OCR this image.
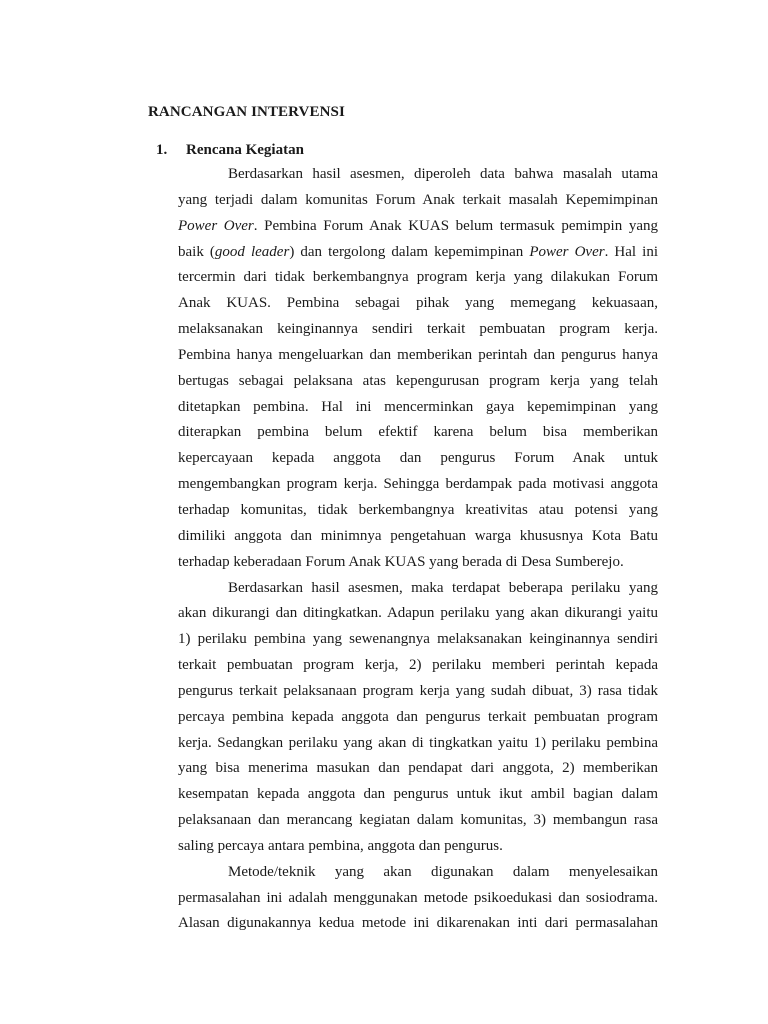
RANCANGAN INTERVENSI
1. Rencana Kegiatan
Berdasarkan hasil asesmen, diperoleh data bahwa masalah utama
yang terjadi dalam komunitas Forum Anak terkait masalah Kepemimpinan
Power Over. Pembina Forum Anak KUAS belum termasuk pemimpin yang
baik (good leader) dan tergolong dalam kepemimpinan Power Over. Hal ini
tercermin dari tidak berkembangnya program kerja yang dilakukan Forum
Anak KUAS. Pembina sebagai pihak yang memegang kekuasaan,
melaksanakan keinginannya sendiri terkait pembuatan program kerja.
Pembina hanya mengeluarkan dan memberikan perintah dan pengurus hanya
bertugas sebagai pelaksana atas kepengurusan program kerja yang telah
ditetapkan pembina. Hal ini mencerminkan gaya kepemimpinan yang
diterapkan pembina belum efektif karena belum bisa memberikan
kepercayaan kepada anggota dan pengurus Forum Anak untuk
mengembangkan program kerja. Sehingga berdampak pada motivasi anggota
terhadap komunitas, tidak berkembangnya kreativitas atau potensi yang
dimiliki anggota dan minimnya pengetahuan warga khususnya Kota Batu
terhadap keberadaan Forum Anak KUAS yang berada di Desa Sumberejo.
Berdasarkan hasil asesmen, maka terdapat beberapa perilaku yang
akan dikurangi dan ditingkatkan. Adapun perilaku yang akan dikurangi yaitu
1) perilaku pembina yang sewenangnya melaksanakan keinginannya sendiri
terkait pembuatan program kerja, 2) perilaku memberi perintah kepada
pengurus terkait pelaksanaan program kerja yang sudah dibuat, 3) rasa tidak
percaya pembina kepada anggota dan pengurus terkait pembuatan program
kerja. Sedangkan perilaku yang akan di tingkatkan yaitu 1) perilaku pembina
yang bisa menerima masukan dan pendapat dari anggota, 2) memberikan
kesempatan kepada anggota dan pengurus untuk ikut ambil bagian dalam
pelaksanaan dan merancang kegiatan dalam komunitas, 3) membangun rasa
saling percaya antara pembina, anggota dan pengurus.
Metode/teknik yang akan digunakan dalam menyelesaikan
permasalahan ini adalah menggunakan metode psikoedukasi dan sosiodrama.
Alasan digunakannya kedua metode ini dikarenakan inti dari permasalahan
